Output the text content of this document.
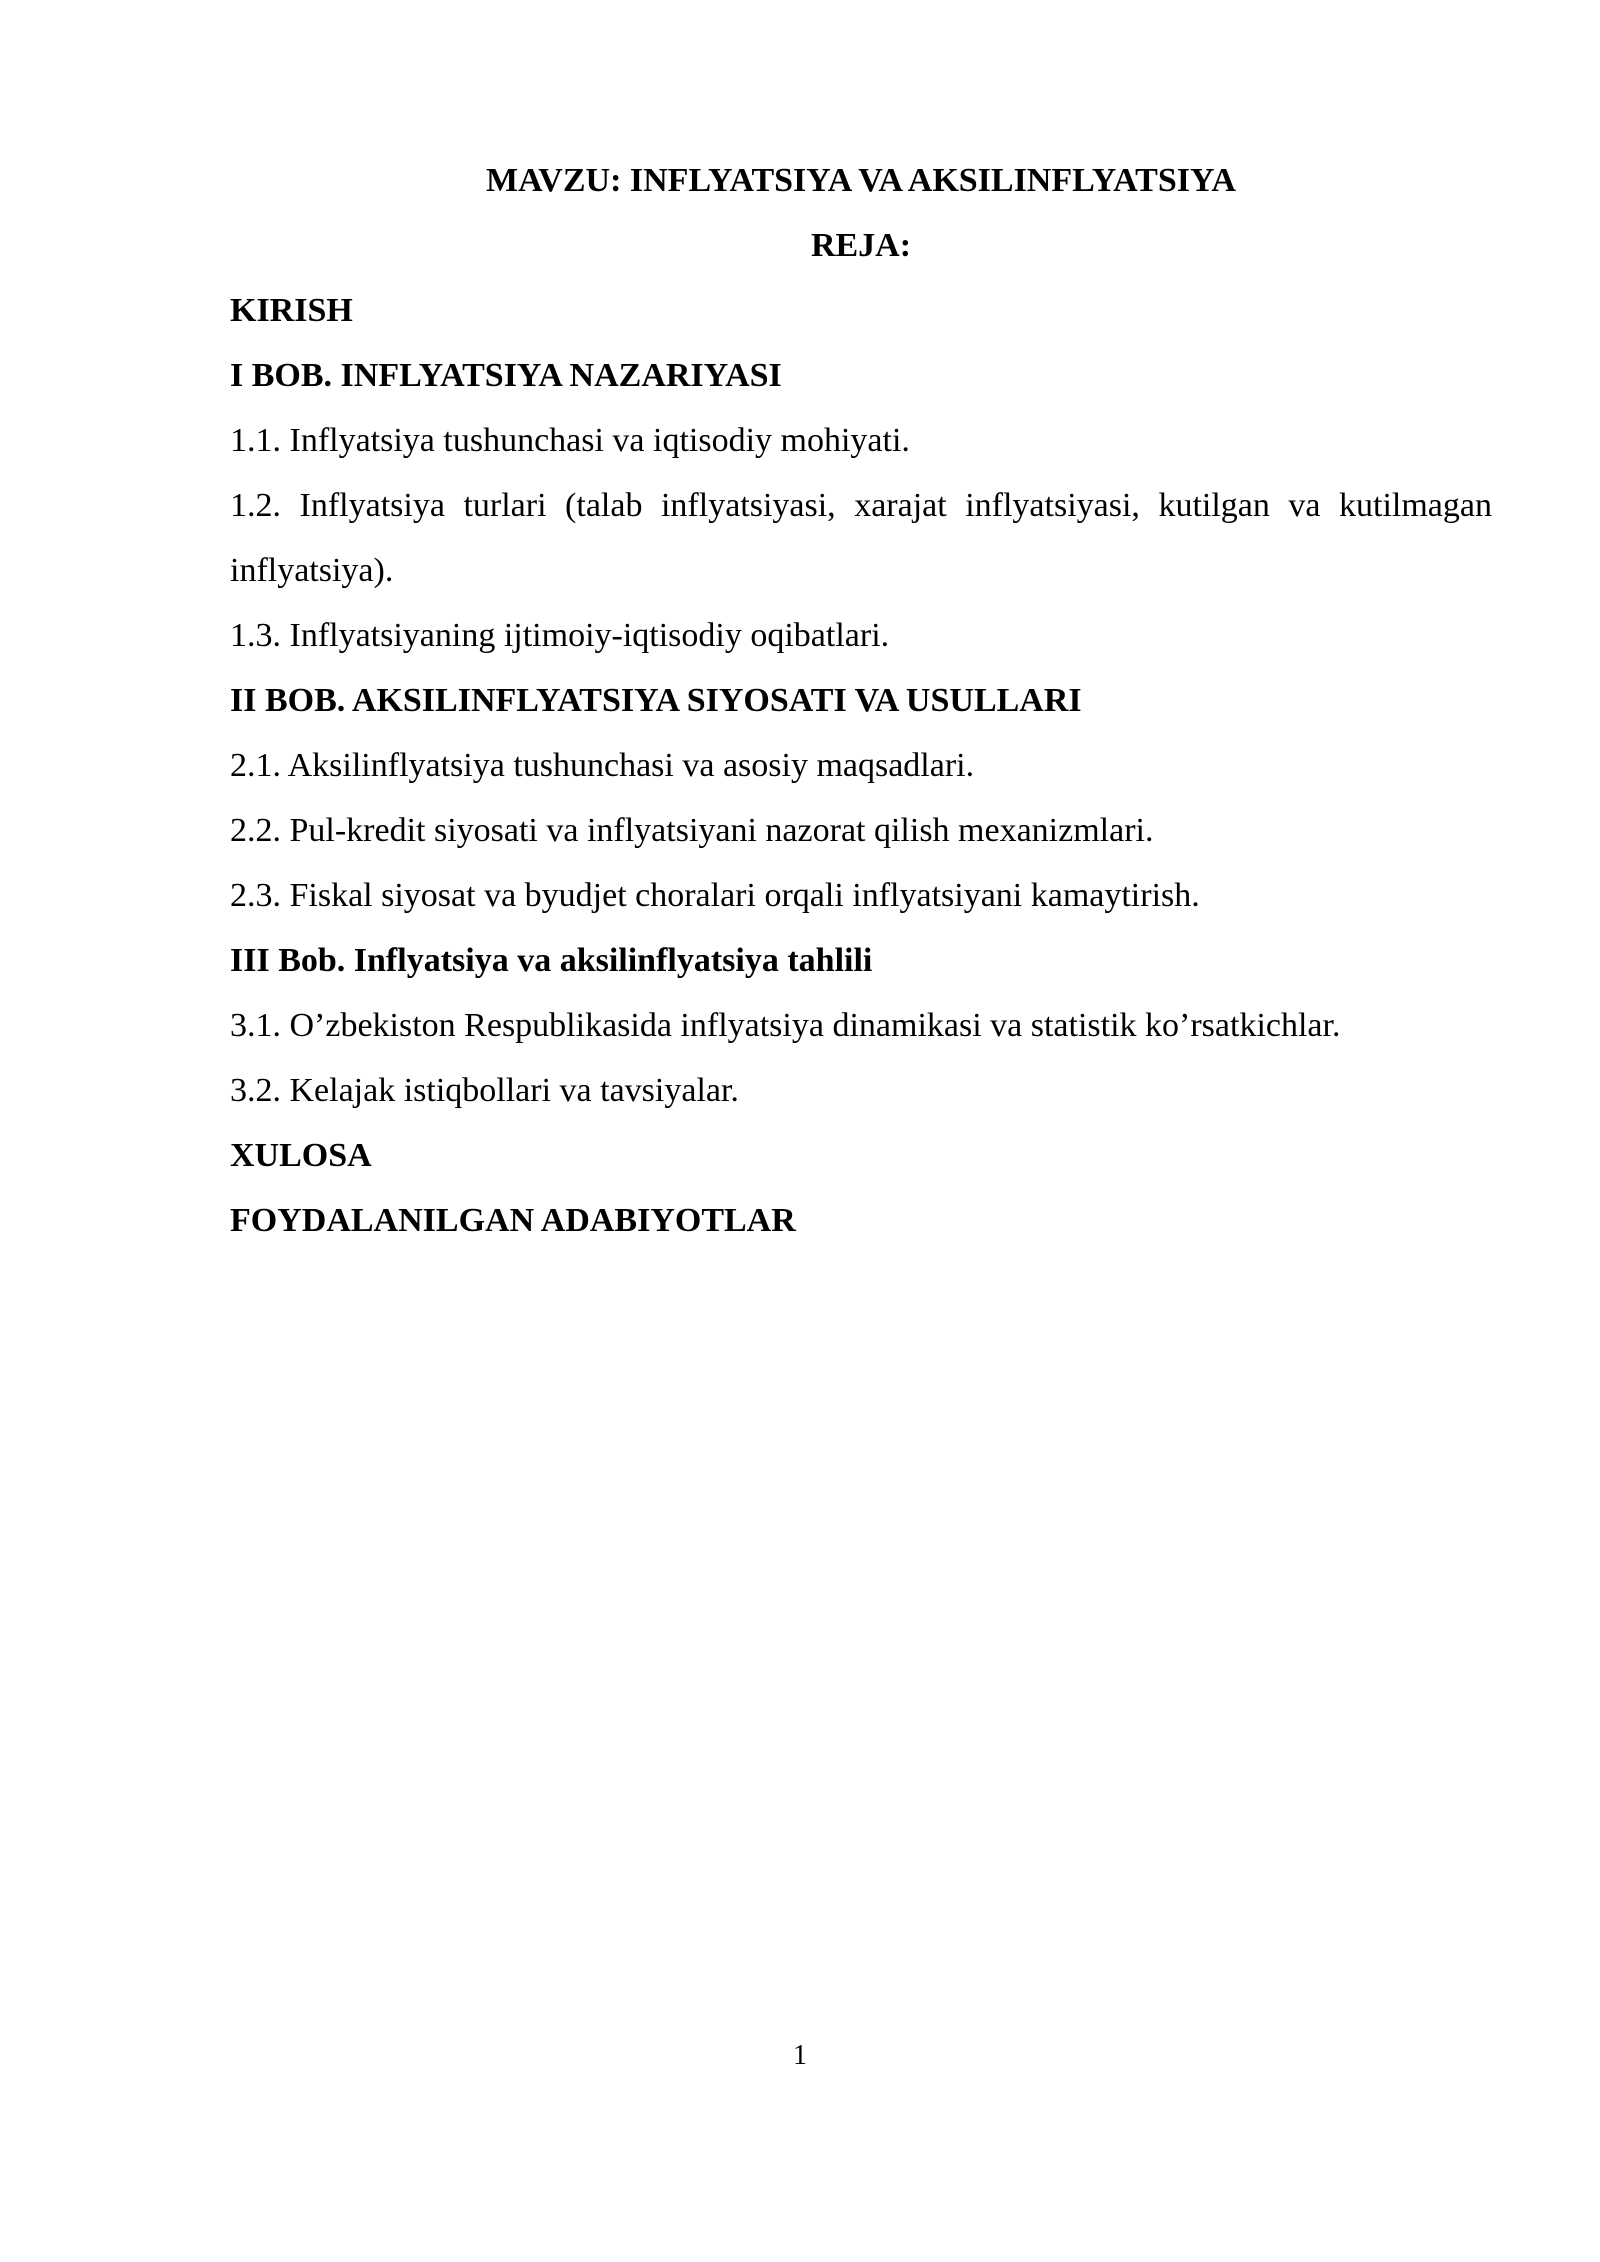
MAVZU: INFLYATSIYA VA AKSILINFLYATSIYA

REJA:

KIRISH

I BOB. INFLYATSIYA NAZARIYASI

1.1. Inflyatsiya tushunchasi va iqtisodiy mohiyati.

1.2. Inflyatsiya turlari (talab inflyatsiyasi, xarajat inflyatsiyasi, kutilgan va kutilmagan inflyatsiya).

1.3. Inflyatsiyaning ijtimoiy-iqtisodiy oqibatlari.

II BOB. AKSILINFLYATSIYA SIYOSATI VA USULLARI

2.1. Aksilinflyatsiya tushunchasi va asosiy maqsadlari.

2.2. Pul-kredit siyosati va inflyatsiyani nazorat qilish mexanizmlari.

2.3. Fiskal siyosat va byudjet choralari orqali inflyatsiyani kamaytirish.

III Bob. Inflyatsiya va aksilinflyatsiya tahlili

3.1. O’zbekiston Respublikasida inflyatsiya dinamikasi va statistik ko’rsatkichlar.

3.2. Kelajak istiqbollari va tavsiyalar.

XULOSA

FOYDALANILGAN ADABIYOTLAR

1
